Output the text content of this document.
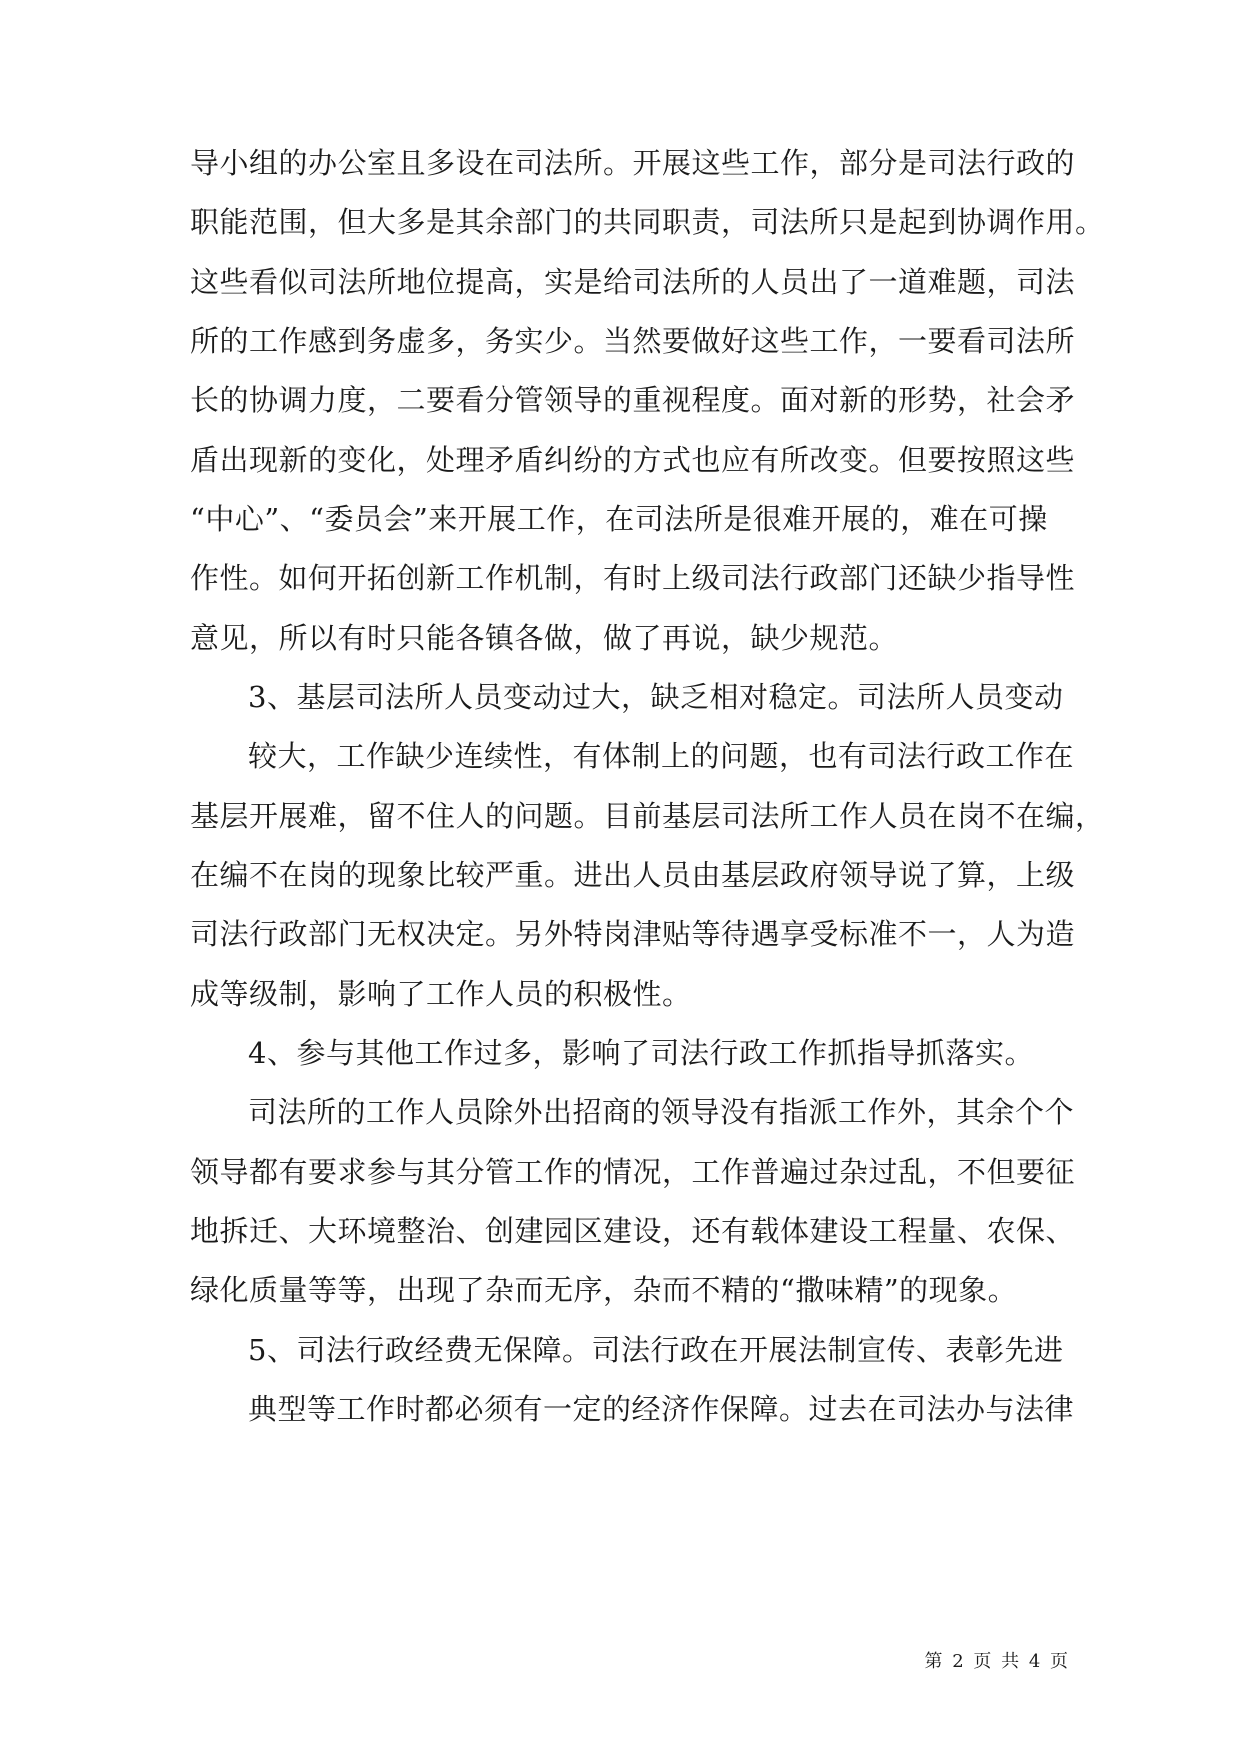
导小组的办公室且多设在司法所。开展这些工作，部分是司法行政的
职能范围，但大多是其余部门的共同职责，司法所只是起到协调作用。
这些看似司法所地位提高，实是给司法所的人员出了一道难题，司法
所的工作感到务虚多，务实少。当然要做好这些工作，一要看司法所
长的协调力度，二要看分管领导的重视程度。面对新的形势，社会矛
盾出现新的变化，处理矛盾纠纷的方式也应有所改变。但要按照这些
“中心”、“委员会”来开展工作，在司法所是很难开展的，难在可操
作性。如何开拓创新工作机制，有时上级司法行政部门还缺少指导性
意见，所以有时只能各镇各做，做了再说，缺少规范。
3、基层司法所人员变动过大，缺乏相对稳定。司法所人员变动
较大，工作缺少连续性，有体制上的问题，也有司法行政工作在
基层开展难，留不住人的问题。目前基层司法所工作人员在岗不在编，
在编不在岗的现象比较严重。进出人员由基层政府领导说了算，上级
司法行政部门无权决定。另外特岗津贴等待遇享受标准不一，人为造
成等级制，影响了工作人员的积极性。
4、参与其他工作过多，影响了司法行政工作抓指导抓落实。
司法所的工作人员除外出招商的领导没有指派工作外，其余个个
领导都有要求参与其分管工作的情况，工作普遍过杂过乱，不但要征
地拆迁、大环境整治、创建园区建设，还有载体建设工程量、农保、
绿化质量等等，出现了杂而无序，杂而不精的“撒味精”的现象。
5、司法行政经费无保障。司法行政在开展法制宣传、表彰先进
典型等工作时都必须有一定的经济作保障。过去在司法办与法律
第 2 页 共 4 页
